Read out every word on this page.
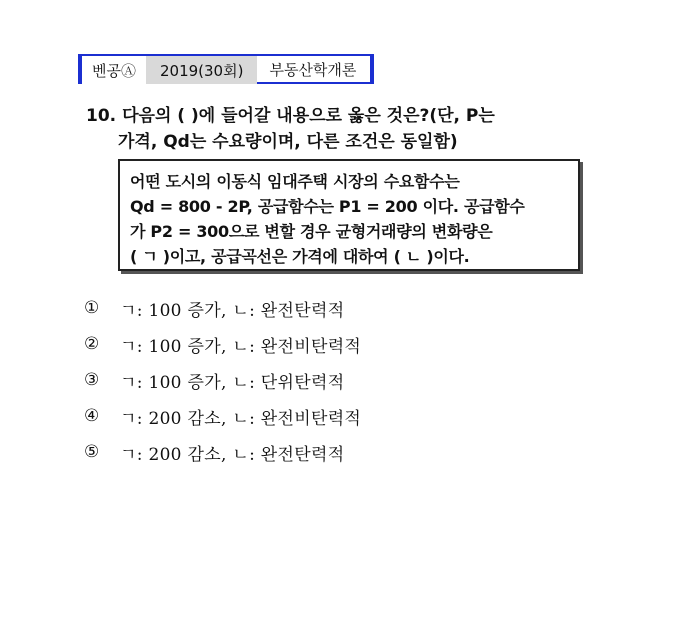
벤공Ⓐ 2019(30회) 부동산학개론
10. 다음의 ( )에 들어갈 내용으로 옳은 것은?(단, P는
가격, Qd는 수요량이며, 다른 조건은 동일함)
어떤 도시의 이동식 임대주택 시장의 수요함수는
Qd = 800 - 2P, 공급함수는 P1 = 200 이다. 공급함수
가 P2 = 300으로 변할 경우 균형거래량의 변화량은
( ㄱ )이고, 공급곡선은 가격에 대하여 ( ㄴ )이다.
①	ㄱ: 100 증가, ㄴ: 완전탄력적
②	ㄱ: 100 증가, ㄴ: 완전비탄력적
③	ㄱ: 100 증가, ㄴ: 단위탄력적
④	ㄱ: 200 감소, ㄴ: 완전비탄력적
⑤	ㄱ: 200 감소, ㄴ: 완전탄력적
